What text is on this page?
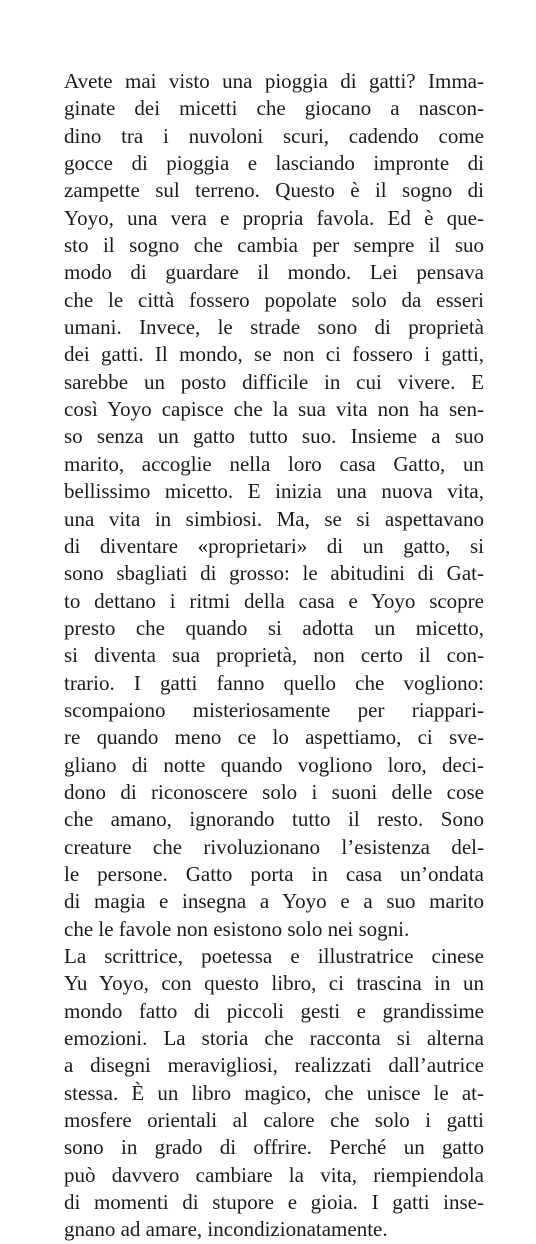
Avete mai visto una pioggia di gatti? Imma-
ginate dei micetti che giocano a nascon-
dino tra i nuvoloni scuri, cadendo come
gocce di pioggia e lasciando impronte di
zampette sul terreno. Questo è il sogno di
Yoyo, una vera e propria favola. Ed è que-
sto il sogno che cambia per sempre il suo
modo di guardare il mondo. Lei pensava
che le città fossero popolate solo da esseri
umani. Invece, le strade sono di proprietà
dei gatti. Il mondo, se non ci fossero i gatti,
sarebbe un posto difficile in cui vivere. E
così Yoyo capisce che la sua vita non ha sen-
so senza un gatto tutto suo. Insieme a suo
marito, accoglie nella loro casa Gatto, un
bellissimo micetto. E inizia una nuova vita,
una vita in simbiosi. Ma, se si aspettavano
di diventare «proprietari» di un gatto, si
sono sbagliati di grosso: le abitudini di Gat-
to dettano i ritmi della casa e Yoyo scopre
presto che quando si adotta un micetto,
si diventa sua proprietà, non certo il con-
trario. I gatti fanno quello che vogliono:
scompaiono misteriosamente per riappari-
re quando meno ce lo aspettiamo, ci sve-
gliano di notte quando vogliono loro, deci-
dono di riconoscere solo i suoni delle cose
che amano, ignorando tutto il resto. Sono
creature che rivoluzionano l’esistenza del-
le persone. Gatto porta in casa un’ondata
di magia e insegna a Yoyo e a suo marito
che le favole non esistono solo nei sogni.
La scrittrice, poetessa e illustratrice cinese
Yu Yoyo, con questo libro, ci trascina in un
mondo fatto di piccoli gesti e grandissime
emozioni. La storia che racconta si alterna
a disegni meravigliosi, realizzati dall’autrice
stessa. È un libro magico, che unisce le at-
mosfere orientali al calore che solo i gatti
sono in grado di offrire. Perché un gatto
può davvero cambiare la vita, riempiendola
di momenti di stupore e gioia. I gatti inse-
gnano ad amare, incondizionatamente.
